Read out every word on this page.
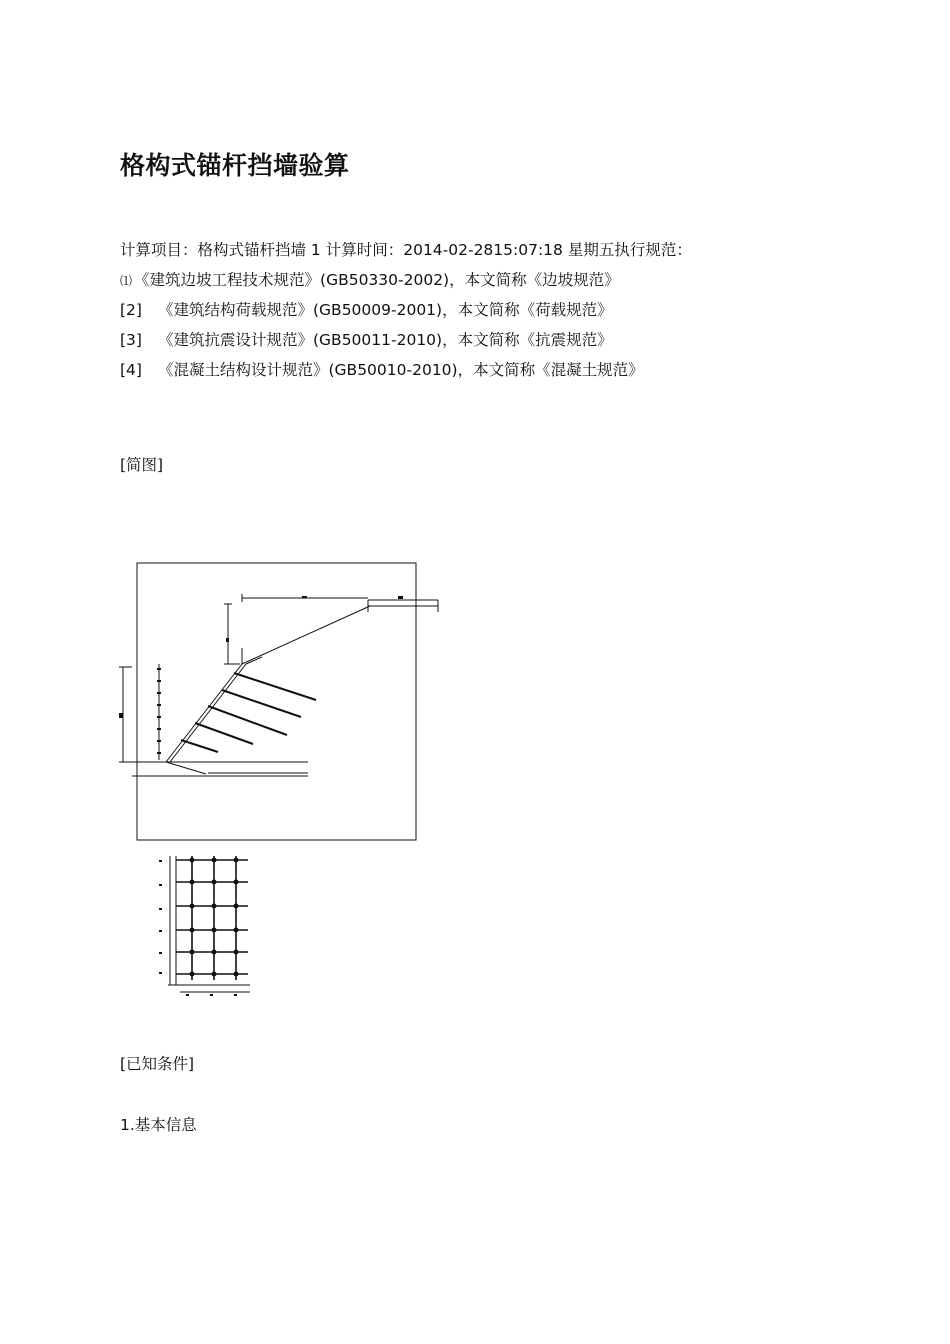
格构式锚杆挡墙验算
计算项目：格构式锚杆挡墙 1 计算时间：2014-02-2815:07:18 星期五执行规范：
⑴ 《建筑边坡工程技术规范》(GB50330-2002)，本文简称《边坡规范》
[2] 《建筑结构荷载规范》(GB50009-2001)，本文简称《荷载规范》
[3] 《建筑抗震设计规范》(GB50011-2010)，本文简称《抗震规范》
[4] 《混凝土结构设计规范》(GB50010-2010)，本文简称《混凝土规范》
[简图]
[已知条件]
1.基本信息
